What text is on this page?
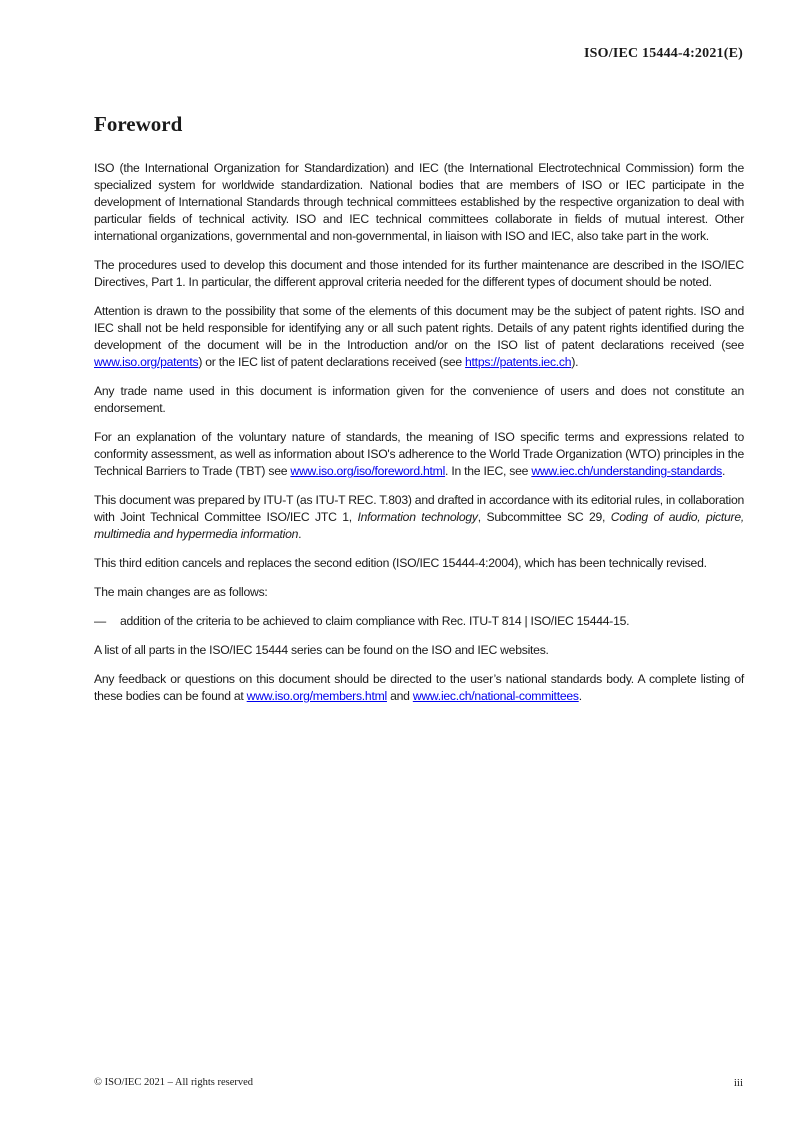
ISO/IEC 15444-4:2021(E)
Foreword

ISO (the International Organization for Standardization) and IEC (the International Electrotechnical Commission) form the specialized system for worldwide standardization. National bodies that are members of ISO or IEC participate in the development of International Standards through technical committees established by the respective organization to deal with particular fields of technical activity. ISO and IEC technical committees collaborate in fields of mutual interest. Other international organizations, governmental and non-governmental, in liaison with ISO and IEC, also take part in the work.

The procedures used to develop this document and those intended for its further maintenance are described in the ISO/IEC Directives, Part 1. In particular, the different approval criteria needed for the different types of document should be noted.

Attention is drawn to the possibility that some of the elements of this document may be the subject of patent rights. ISO and IEC shall not be held responsible for identifying any or all such patent rights. Details of any patent rights identified during the development of the document will be in the Introduction and/or on the ISO list of patent declarations received (see www.iso.org/patents) or the IEC list of patent declarations received (see https://patents.iec.ch).

Any trade name used in this document is information given for the convenience of users and does not constitute an endorsement.

For an explanation of the voluntary nature of standards, the meaning of ISO specific terms and expressions related to conformity assessment, as well as information about ISO's adherence to the World Trade Organization (WTO) principles in the Technical Barriers to Trade (TBT) see www.iso.org/iso/foreword.html. In the IEC, see www.iec.ch/understanding-standards.

This document was prepared by ITU-T (as ITU-T REC. T.803) and drafted in accordance with its editorial rules, in collaboration with Joint Technical Committee ISO/IEC JTC 1, Information technology, Subcommittee SC 29, Coding of audio, picture, multimedia and hypermedia information.

This third edition cancels and replaces the second edition (ISO/IEC 15444-4:2004), which has been technically revised.

The main changes are as follows:

—	addition of the criteria to be achieved to claim compliance with Rec. ITU-T 814 | ISO/IEC 15444-15.

A list of all parts in the ISO/IEC 15444 series can be found on the ISO and IEC websites.

Any feedback or questions on this document should be directed to the user’s national standards body. A complete listing of these bodies can be found at www.iso.org/members.html and www.iec.ch/national-committees.

© ISO/IEC 2021 – All rights reserved	iii
